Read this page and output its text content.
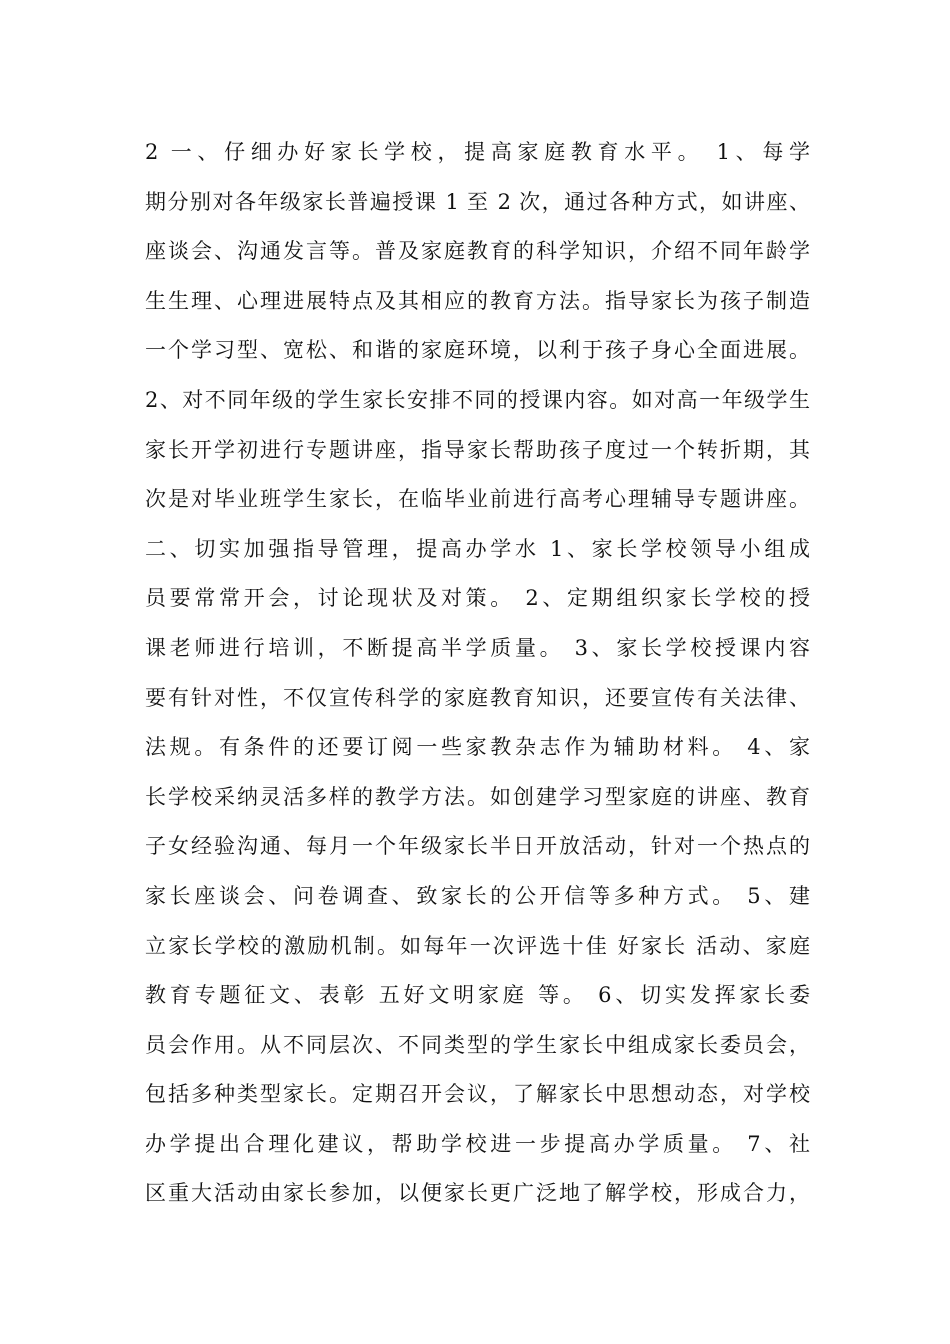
2 一、仔细办好家长学校，提高家庭教育水平。 1、每学
期分别对各年级家长普遍授课 1 至 2 次，通过各种方式，如讲座、
座谈会、沟通发言等。普及家庭教育的科学知识，介绍不同年龄学
生生理、心理进展特点及其相应的教育方法。指导家长为孩子制造
一个学习型、宽松、和谐的家庭环境，以利于孩子身心全面进展。
2、对不同年级的学生家长安排不同的授课内容。如对高一年级学生
家长开学初进行专题讲座，指导家长帮助孩子度过一个转折期，其
次是对毕业班学生家长，在临毕业前进行高考心理辅导专题讲座。
二、切实加强指导管理，提高办学水 1、家长学校领导小组成
员要常常开会，讨论现状及对策。 2、定期组织家长学校的授
课老师进行培训，不断提高半学质量。 3、家长学校授课内容
要有针对性，不仅宣传科学的家庭教育知识，还要宣传有关法律、
法规。有条件的还要订阅一些家教杂志作为辅助材料。 4、家
长学校采纳灵活多样的教学方法。如创建学习型家庭的讲座、教育
子女经验沟通、每月一个年级家长半日开放活动，针对一个热点的
家长座谈会、问卷调查、致家长的公开信等多种方式。 5、建
立家长学校的激励机制。如每年一次评选十佳 好家长 活动、家庭
教育专题征文、表彰 五好文明家庭 等。 6、切实发挥家长委
员会作用。从不同层次、不同类型的学生家长中组成家长委员会，
包括多种类型家长。定期召开会议，了解家长中思想动态，对学校
办学提出合理化建议，帮助学校进一步提高办学质量。 7、社
区重大活动由家长参加，以便家长更广泛地了解学校，形成合力，
